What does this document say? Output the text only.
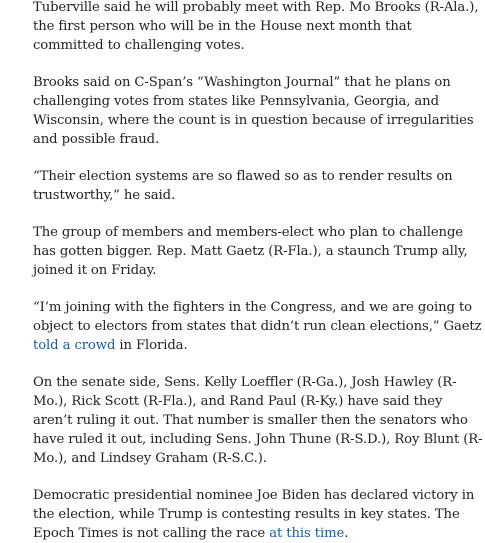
Tuberville said he will probably meet with Rep. Mo Brooks (R-Ala.), the first person who will be in the House next month that committed to challenging votes.

Brooks said on C-Span’s “Washington Journal” that he plans on challenging votes from states like Pennsylvania, Georgia, and Wisconsin, where the count is in question because of irregularities and possible fraud.

“Their election systems are so flawed so as to render results on trustworthy,” he said.

The group of members and members-elect who plan to challenge has gotten bigger. Rep. Matt Gaetz (R-Fla.), a staunch Trump ally, joined it on Friday.

“I’m joining with the fighters in the Congress, and we are going to object to electors from states that didn’t run clean elections,” Gaetz told a crowd in Florida.

On the senate side, Sens. Kelly Loeffler (R-Ga.), Josh Hawley (R-Mo.), Rick Scott (R-Fla.), and Rand Paul (R-Ky.) have said they aren’t ruling it out. That number is smaller then the senators who have ruled it out, including Sens. John Thune (R-S.D.), Roy Blunt (R-Mo.), and Lindsey Graham (R-S.C.).

Democratic presidential nominee Joe Biden has declared victory in the election, while Trump is contesting results in key states. The Epoch Times is not calling the race at this time.
